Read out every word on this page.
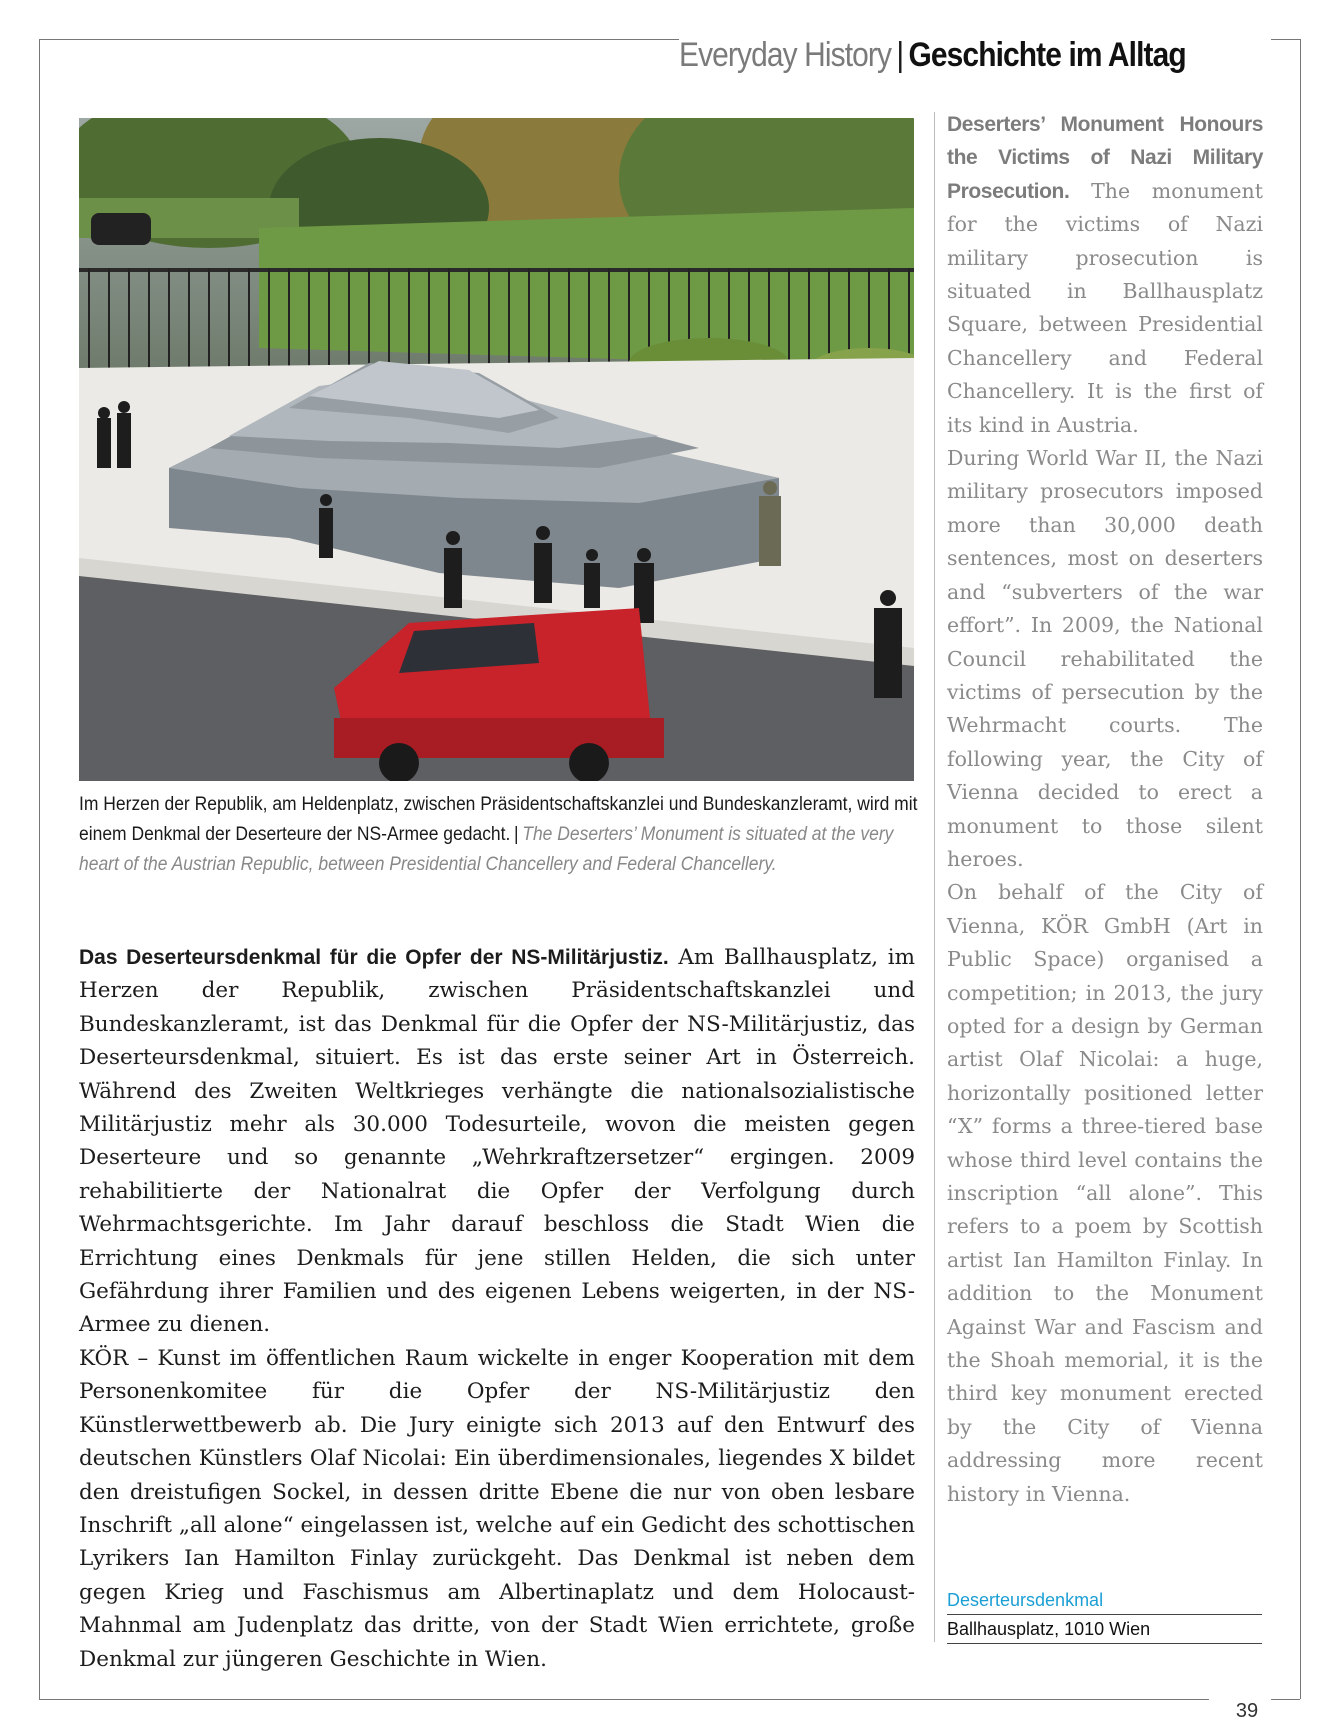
Everyday History | Geschichte im Alltag
Im Herzen der Republik, am Heldenplatz, zwischen Präsidentschaftskanzlei und Bundeskanzleramt, wird mit einem Denkmal der Deserteure der NS-Armee gedacht. | The Deserters’ Monument is situated at the very heart of the Austrian Republic, between Presidential Chancellery and Federal Chancellery.

Das Deserteursdenkmal für die Opfer der NS-Militärjustiz. Am Ballhausplatz, im Herzen der Republik, zwischen Präsidentschaftskanzlei und Bundeskanzleramt, ist das Denkmal für die Opfer der NS-Militärjustiz, das Deserteursdenkmal, situiert. Es ist das erste seiner Art in Österreich. Während des Zweiten Weltkrieges verhängte die nationalsozialistische Militärjustiz mehr als 30.000 Todesurteile, wovon die meisten gegen Deserteure und so genannte „Wehrkraftzersetzer“ ergingen. 2009 rehabilitierte der Nationalrat die Opfer der Verfolgung durch Wehrmachtsgerichte. Im Jahr darauf beschloss die Stadt Wien die Errichtung eines Denkmals für jene stillen Helden, die sich unter Gefährdung ihrer Familien und des eigenen Lebens weigerten, in der NS-Armee zu dienen.

KÖR – Kunst im öffentlichen Raum wickelte in enger Kooperation mit dem Personenkomitee für die Opfer der NS-Militärjustiz den Künstlerwettbewerb ab. Die Jury einigte sich 2013 auf den Entwurf des deutschen Künstlers Olaf Nicolai: Ein überdimensionales, liegendes X bildet den dreistufigen Sockel, in dessen dritte Ebene die nur von oben lesbare Inschrift „all alone“ eingelassen ist, welche auf ein Gedicht des schottischen Lyrikers Ian Hamilton Finlay zurückgeht. Das Denkmal ist neben dem gegen Krieg und Faschismus am Albertinaplatz und dem Holocaust-Mahnmal am Judenplatz das dritte, von der Stadt Wien errichtete, große Denkmal zur jüngeren Geschichte in Wien.

Deserters’ Monument Honours the Victims of Nazi Military Prosecution. The monument for the victims of Nazi military prosecution is situated in Ballhausplatz Square, between Presidential Chancellery and Federal Chancellery. It is the first of its kind in Austria.

During World War II, the Nazi military prosecutors imposed more than 30,000 death sentences, most on deserters and “subverters of the war effort”. In 2009, the National Council rehabilitated the victims of persecution by the Wehrmacht courts. The following year, the City of Vienna decided to erect a monument to those silent heroes.

On behalf of the City of Vienna, KÖR GmbH (Art in Public Space) organised a competition; in 2013, the jury opted for a design by German artist Olaf Nicolai: a huge, horizontally positioned letter “X” forms a three-tiered base whose third level contains the inscription “all alone”. This refers to a poem by Scottish artist Ian Hamilton Finlay. In addition to the Monument Against War and Fascism and the Shoah memorial, it is the third key monument erected by the City of Vienna addressing more recent history in Vienna.

Deserteursdenkmal
Ballhausplatz, 1010 Wien
39
